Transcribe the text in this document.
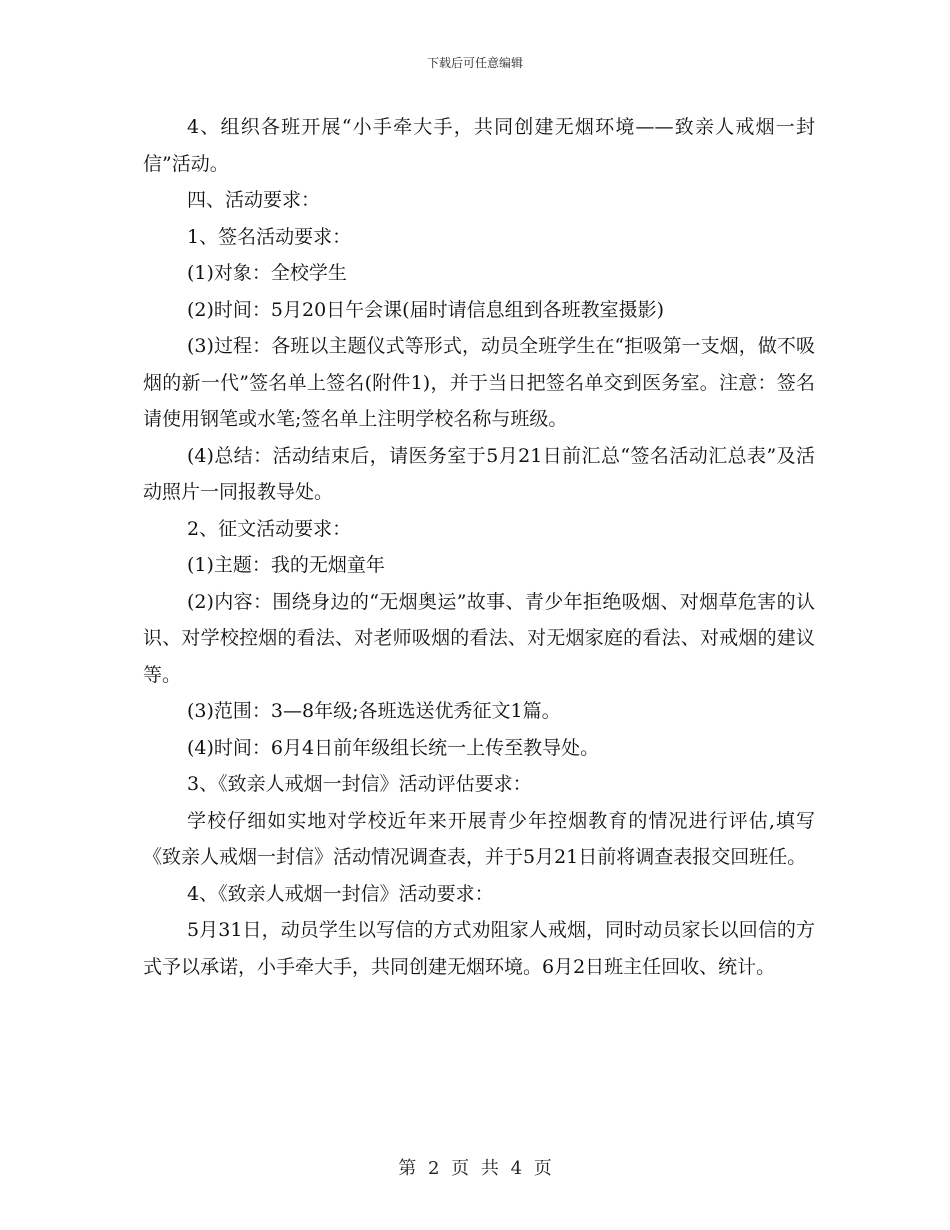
下载后可任意编辑

4、组织各班开展“小手牵大手，共同创建无烟环境——致亲人戒烟一封信”活动。

四、活动要求：

1、签名活动要求：

(1)对象：全校学生

(2)时间：5月20日午会课(届时请信息组到各班教室摄影)

(3)过程：各班以主题仪式等形式，动员全班学生在“拒吸第一支烟，做不吸烟的新一代”签名单上签名(附件1)，并于当日把签名单交到医务室。注意：签名请使用钢笔或水笔;签名单上注明学校名称与班级。

(4)总结：活动结束后，请医务室于5月21日前汇总“签名活动汇总表”及活动照片一同报教导处。

2、征文活动要求：

(1)主题：我的无烟童年

(2)内容：围绕身边的“无烟奥运”故事、青少年拒绝吸烟、对烟草危害的认识、对学校控烟的看法、对老师吸烟的看法、对无烟家庭的看法、对戒烟的建议等。

(3)范围：3—8年级;各班选送优秀征文1篇。

(4)时间：6月4日前年级组长统一上传至教导处。

3、《致亲人戒烟一封信》活动评估要求：

学校仔细如实地对学校近年来开展青少年控烟教育的情况进行评估,填写《致亲人戒烟一封信》活动情况调查表，并于5月21日前将调查表报交回班任。

4、《致亲人戒烟一封信》活动要求：

5月31日，动员学生以写信的方式劝阻家人戒烟，同时动员家长以回信的方式予以承诺，小手牵大手，共同创建无烟环境。6月2日班主任回收、统计。

第 2 页 共 4 页
